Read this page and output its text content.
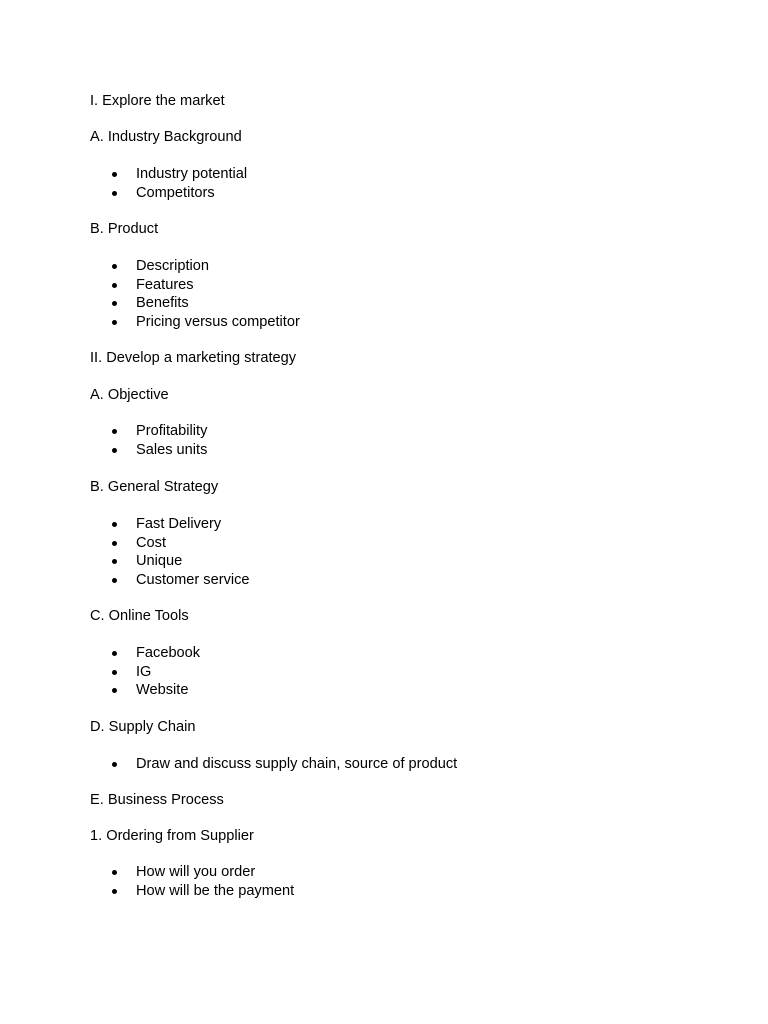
I. Explore the market
A. Industry Background
Industry potential
Competitors
B. Product
Description
Features
Benefits
Pricing versus competitor
II. Develop a marketing strategy
A. Objective
Profitability
Sales units
B. General Strategy
Fast Delivery
Cost
Unique
Customer service
C. Online Tools
Facebook
IG
Website
D. Supply Chain
Draw and discuss supply chain, source of product
E. Business Process
1. Ordering from Supplier
How will you order
How will be the payment
